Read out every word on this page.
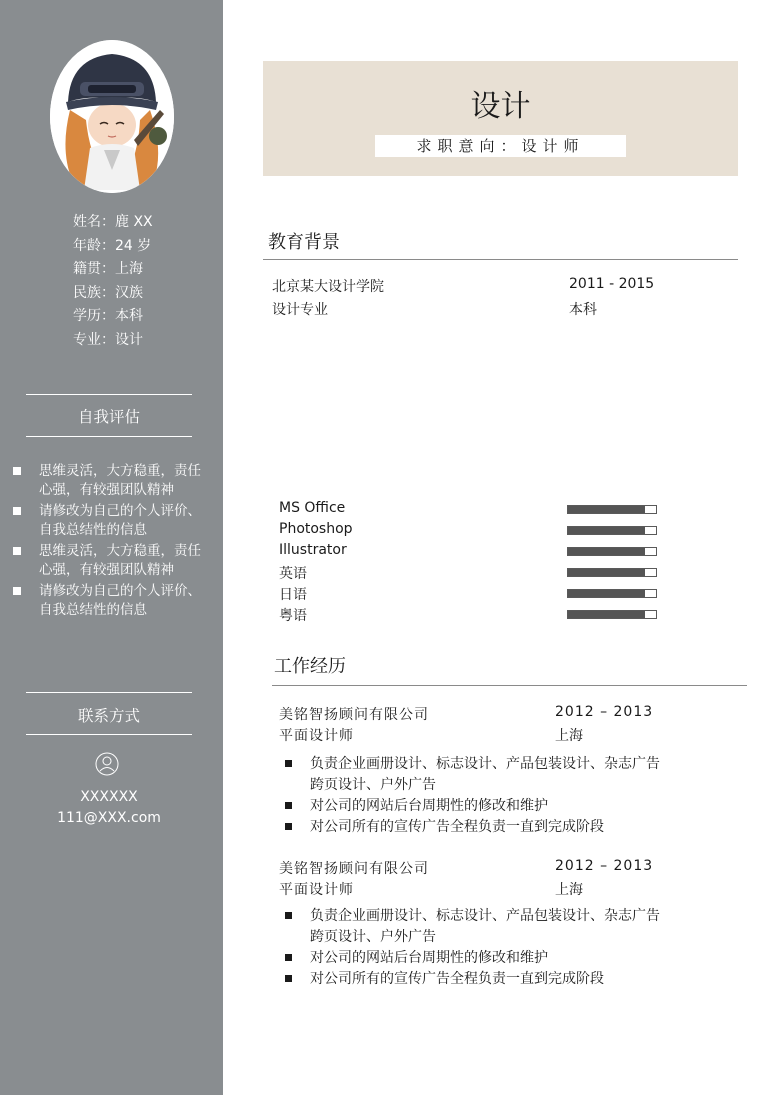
姓名：鹿 XX
年龄：24 岁
籍贯：上海
民族：汉族
学历：本科
专业：设计
自我评估
思维灵活，大方稳重，责任心强，有较强团队精神
请修改为自己的个人评价、自我总结性的信息
思维灵活，大方稳重，责任心强，有较强团队精神
请修改为自己的个人评价、自我总结性的信息
联系方式
XXXXXX
111@XXX.com
设计
求职意向：设计师
教育背景
北京某大设计学院	2011 - 2015
设计专业	本科
MS Office
Photoshop
Illustrator
英语
日语
粤语
工作经历
美铭智扬顾问有限公司	2012 – 2013
平面设计师	上海
负责企业画册设计、标志设计、产品包装设计、杂志广告跨页设计、户外广告
对公司的网站后台周期性的修改和维护
对公司所有的宣传广告全程负责一直到完成阶段
美铭智扬顾问有限公司	2012 – 2013
平面设计师	上海
负责企业画册设计、标志设计、产品包装设计、杂志广告跨页设计、户外广告
对公司的网站后台周期性的修改和维护
对公司所有的宣传广告全程负责一直到完成阶段
